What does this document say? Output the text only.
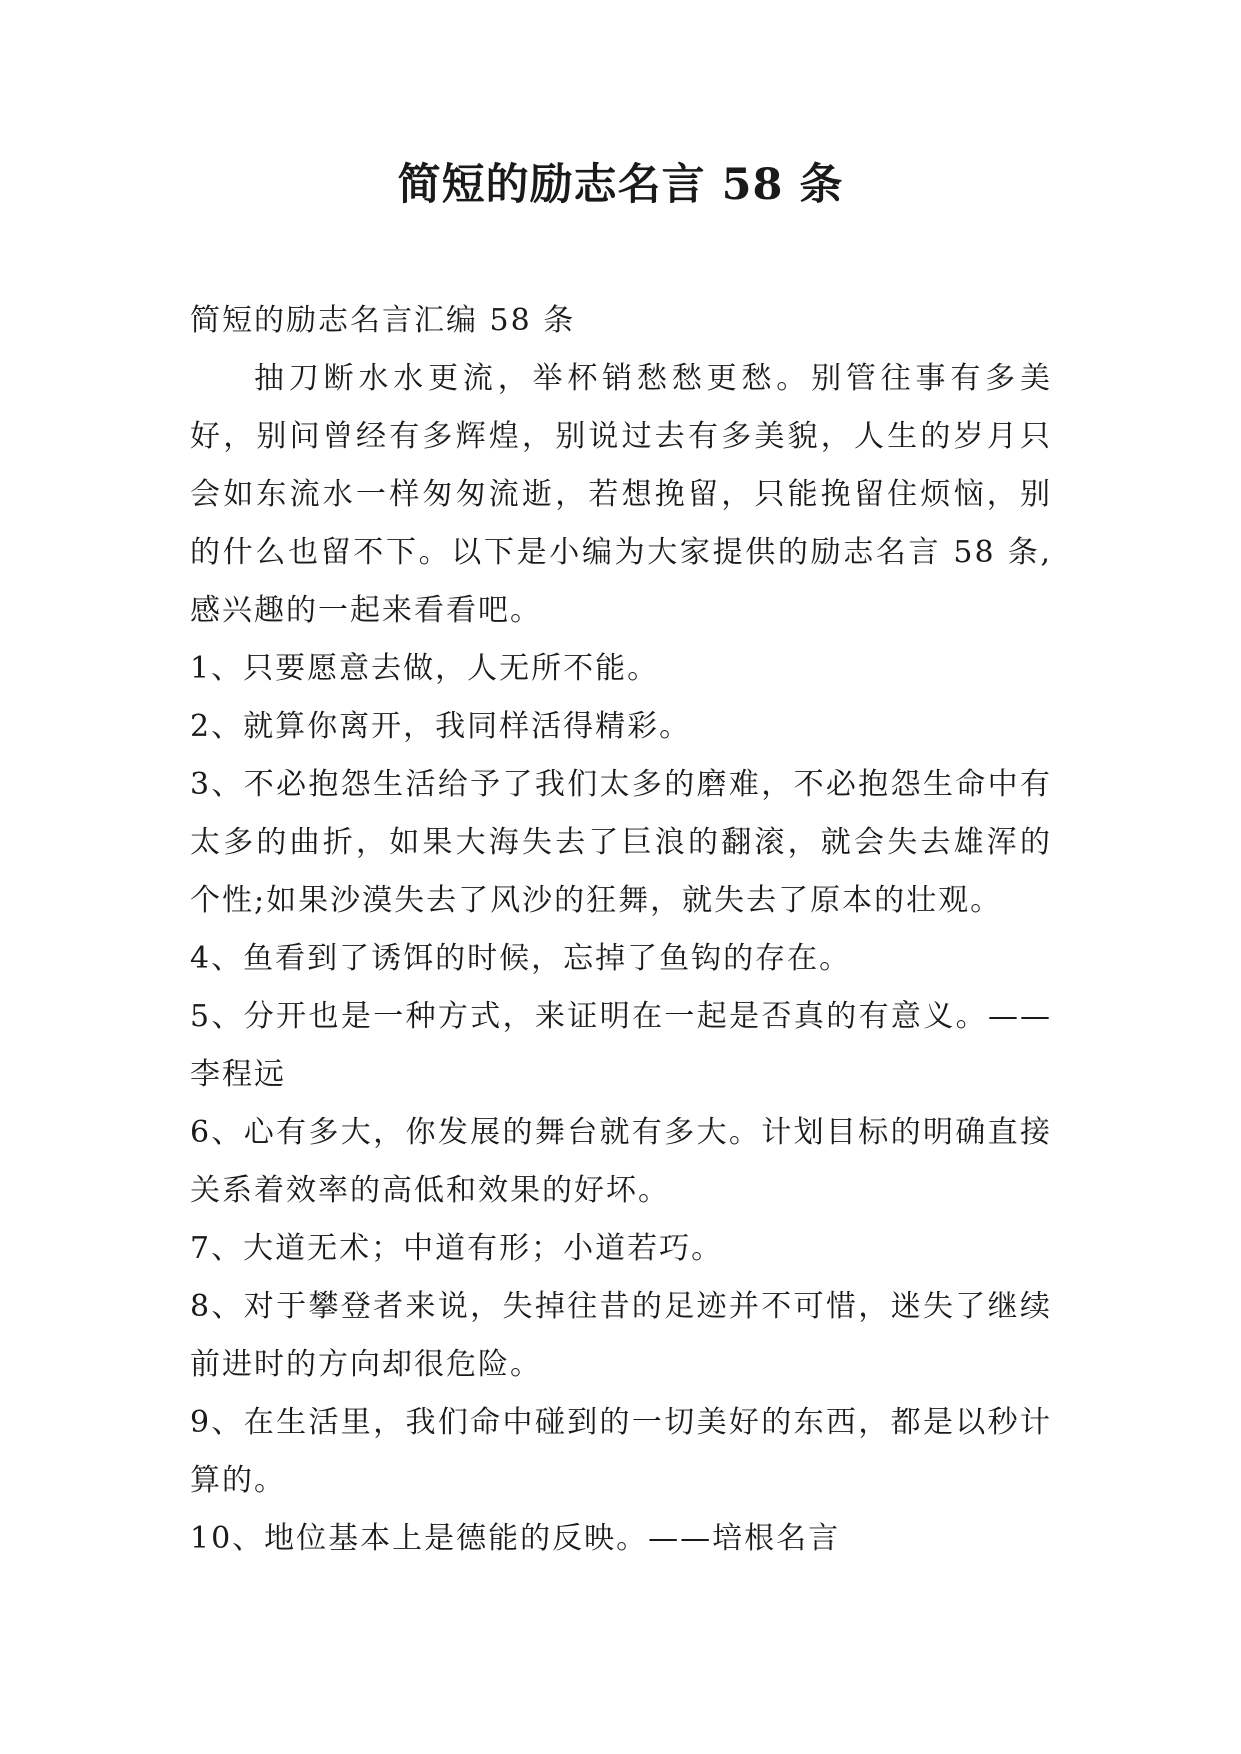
简短的励志名言 58 条

简短的励志名言汇编 58 条

抽刀断水水更流，举杯销愁愁更愁。别管往事有多美好，别问曾经有多辉煌，别说过去有多美貌，人生的岁月只会如东流水一样匆匆流逝，若想挽留，只能挽留住烦恼，别的什么也留不下。以下是小编为大家提供的励志名言 58 条,感兴趣的一起来看看吧。

1、只要愿意去做，人无所不能。

2、就算你离开，我同样活得精彩。

3、不必抱怨生活给予了我们太多的磨难，不必抱怨生命中有太多的曲折，如果大海失去了巨浪的翻滚，就会失去雄浑的个性;如果沙漠失去了风沙的狂舞，就失去了原本的壮观。

4、鱼看到了诱饵的时候，忘掉了鱼钩的存在。

5、分开也是一种方式，来证明在一起是否真的有意义。——李程远

6、心有多大，你发展的舞台就有多大。计划目标的明确直接关系着效率的高低和效果的好坏。

7、大道无术；中道有形；小道若巧。

8、对于攀登者来说，失掉往昔的足迹并不可惜，迷失了继续前进时的方向却很危险。

9、在生活里，我们命中碰到的一切美好的东西，都是以秒计算的。

10、地位基本上是德能的反映。——培根名言
